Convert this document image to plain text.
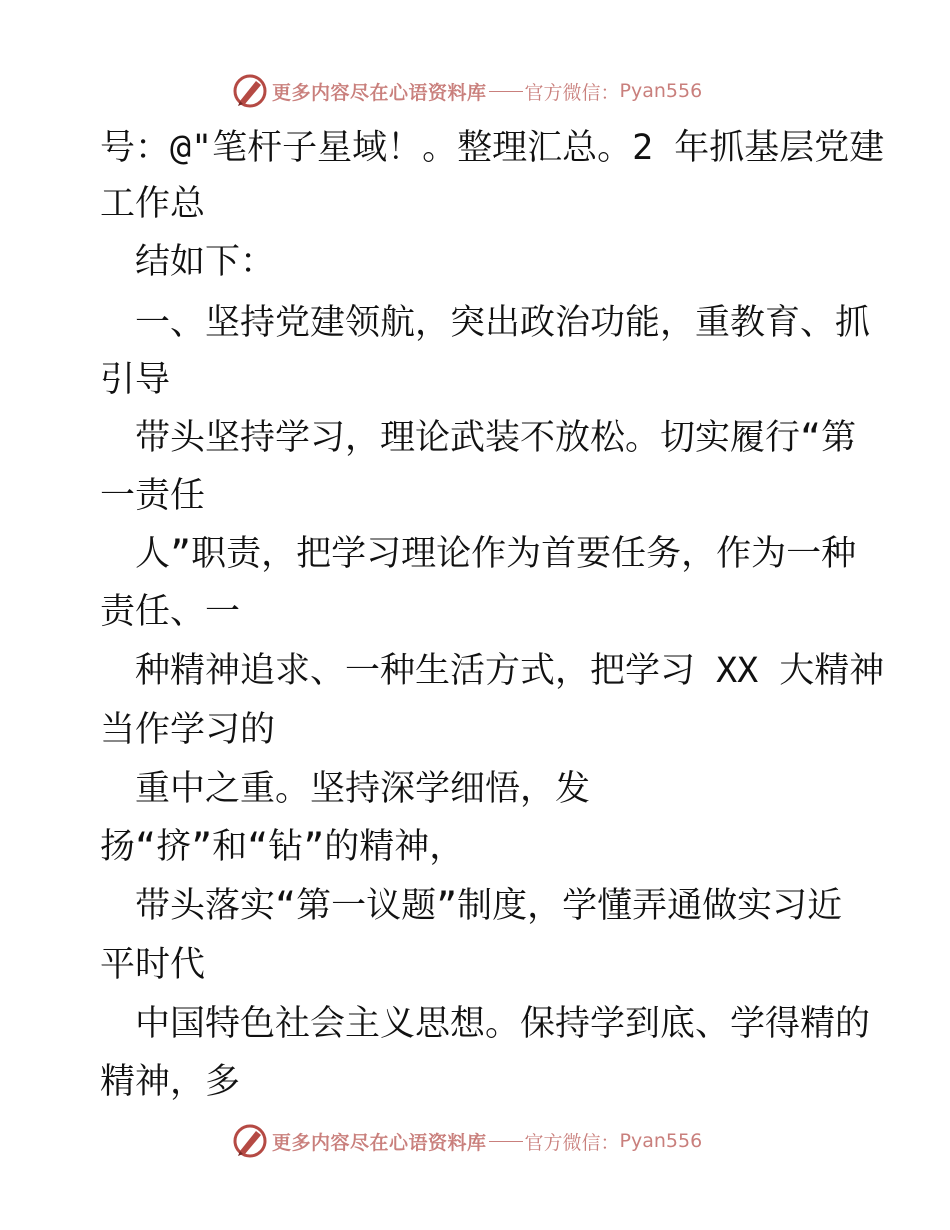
更多内容尽在心语资料库 官方微信： Pyan556
号：@"笔杆子星域！。整理汇总。2 年抓基层党建
工作总
结如下：
一、坚持党建领航，突出政治功能，重教育、抓
引导
带头坚持学习，理论武装不放松。切实履行“第
一责任
人”职责，把学习理论作为首要任务，作为一种
责任、一
种精神追求、一种生活方式，把学习 XX 大精神
当作学习的
重中之重。坚持深学细悟，发
扬“挤”和“钻”的精神，
带头落实“第一议题”制度，学懂弄通做实习近
平时代
中国特色社会主义思想。保持学到底、学得精的
精神，多
更多内容尽在心语资料库 官方微信： Pyan556
